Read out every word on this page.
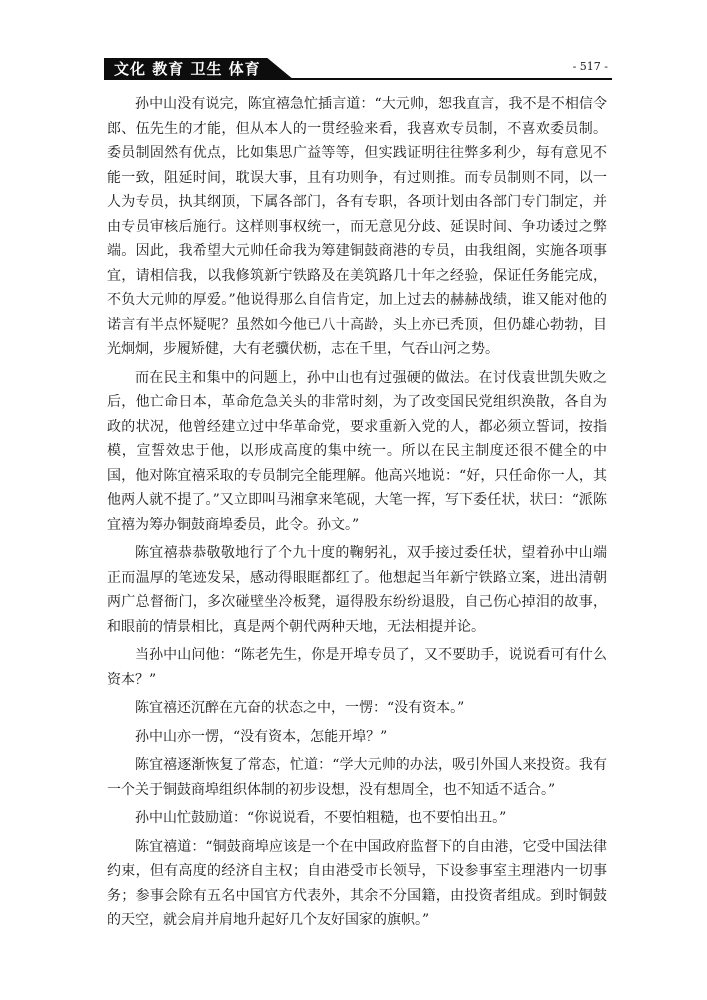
文化 教育 卫生 体育	- 517 -

孙中山没有说完，陈宜禧急忙插言道：“大元帅，恕我直言，我不是不相信令郎、伍先生的才能，但从本人的一贯经验来看，我喜欢专员制，不喜欢委员制。委员制固然有优点，比如集思广益等等，但实践证明往往弊多利少，每有意见不能一致，阻延时间，耽误大事，且有功则争，有过则推。而专员制则不同，以一人为专员，执其纲顶，下属各部门，各有专职，各项计划由各部门专门制定，并由专员审核后施行。这样则事权统一，而无意见分歧、延误时间、争功诿过之弊端。因此，我希望大元帅任命我为筹建铜鼓商港的专员，由我组阁，实施各项事宜，请相信我，以我修筑新宁铁路及在美筑路几十年之经验，保证任务能完成，不负大元帅的厚爱。”他说得那么自信肯定，加上过去的赫赫战绩，谁又能对他的诺言有半点怀疑呢？虽然如今他已八十高龄，头上亦已秃顶，但仍雄心勃勃，目光炯炯，步履矫健，大有老骥伏枥，志在千里，气吞山河之势。

而在民主和集中的问题上，孙中山也有过强硬的做法。在讨伐袁世凯失败之后，他亡命日本，革命危急关头的非常时刻，为了改变国民党组织涣散，各自为政的状况，他曾经建立过中华革命党，要求重新入党的人，都必须立誓词，按指模，宣誓效忠于他，以形成高度的集中统一。所以在民主制度还很不健全的中国，他对陈宜禧采取的专员制完全能理解。他高兴地说：“好，只任命你一人，其他两人就不提了。”又立即叫马湘拿来笔砚，大笔一挥，写下委任状，状曰：“派陈宜禧为筹办铜鼓商埠委员，此令。孙文。”

陈宜禧恭恭敬敬地行了个九十度的鞠躬礼，双手接过委任状，望着孙中山端正而温厚的笔迹发呆，感动得眼眶都红了。他想起当年新宁铁路立案，进出清朝两广总督衙门，多次碰壁坐冷板凳，逼得股东纷纷退股，自己伤心掉泪的故事，和眼前的情景相比，真是两个朝代两种天地，无法相提并论。

当孙中山问他：“陈老先生，你是开埠专员了，又不要助手，说说看可有什么资本？”

陈宜禧还沉醉在亢奋的状态之中，一愣：“没有资本。”

孙中山亦一愣，“没有资本，怎能开埠？”

陈宜禧逐渐恢复了常态，忙道：“学大元帅的办法，吸引外国人来投资。我有一个关于铜鼓商埠组织体制的初步设想，没有想周全，也不知适不适合。”

孙中山忙鼓励道：“你说说看，不要怕粗糙，也不要怕出丑。”

陈宜禧道：“铜鼓商埠应该是一个在中国政府监督下的自由港，它受中国法律约束，但有高度的经济自主权；自由港受市长领导，下设参事室主理港内一切事务；参事会除有五名中国官方代表外，其余不分国籍，由投资者组成。到时铜鼓的天空，就会肩并肩地升起好几个友好国家的旗帜。”
